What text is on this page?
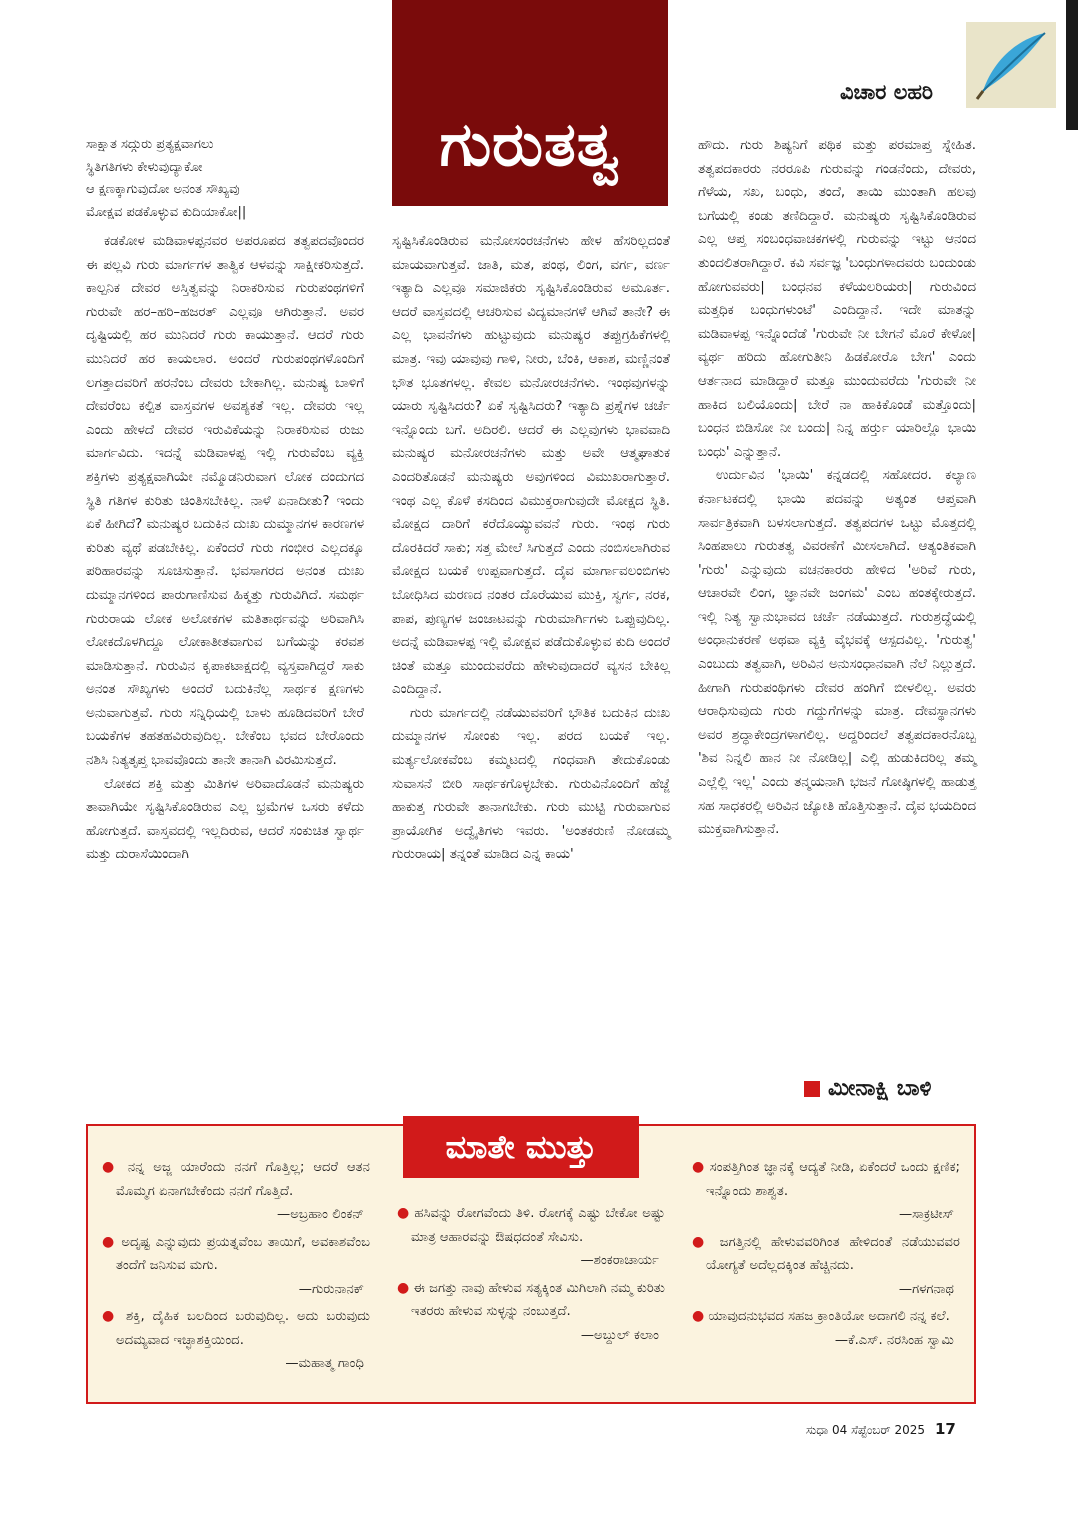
ಗುರುತತ್ವ
ವಿಚಾರ ಲಹರಿ
ಸಾಕ್ಷಾತ ಸದ್ಗುರು ಪ್ರತ್ಯಕ್ಷವಾಗಲು
ಸ್ಥಿತಿಗತಿಗಳು ಕೇಳುವುದ್ಯಾಕೋ
ಆ ಕ್ಷಣಕ್ಕಾಗುವುದೋ ಅನಂತ ಸೌಖ್ಯವು
ಮೋಕ್ಷವ ಪಡಕೊಳ್ಳುವ ಕುದಿಯಾಕೋ||

ಕಡಕೋಳ ಮಡಿವಾಳಪ್ಪನವರ ಅಪರೂಪದ ತತ್ವಪದವೊಂದರ ಈ ಪಲ್ಲವಿ ಗುರು ಮಾರ್ಗಗಳ ತಾತ್ವಿಕ ಆಳವನ್ನು ಸಾಕ್ಷೀಕರಿಸುತ್ತದೆ. ಕಾಲ್ಪನಿಕ ದೇವರ ಅಸ್ತಿತ್ವವನ್ನು ನಿರಾಕರಿಸುವ ಗುರುಪಂಥಗಳಿಗೆ ಗುರುವೇ ಹರ–ಹರಿ–ಹಜರತ್ ಎಲ್ಲವೂ ಆಗಿರುತ್ತಾನೆ. ಅವರ ದೃಷ್ಟಿಯಲ್ಲಿ ಹರ ಮುನಿದರೆ ಗುರು ಕಾಯುತ್ತಾನೆ. ಆದರೆ ಗುರು ಮುನಿದರೆ ಹರ ಕಾಯಲಾರ. ಅಂದರೆ ಗುರುಪಂಥಗಳೊಂದಿಗೆ ಲಗತ್ತಾದವರಿಗೆ ಹರನೆಂಬ ದೇವರು ಬೇಕಾಗಿಲ್ಲ. ಮನುಷ್ಯ ಬಾಳಿಗೆ ದೇವರೆಂಬ ಕಲ್ಪಿತ ವಾಸ್ತವಗಳ ಅವಶ್ಯಕತೆ ಇಲ್ಲ. ದೇವರು ಇಲ್ಲ ಎಂದು ಹೇಳದೆ ದೇವರ ಇರುವಿಕೆಯನ್ನು ನಿರಾಕರಿಸುವ ರುಜು ಮಾರ್ಗವಿದು. ಇದನ್ನೆ ಮಡಿವಾಳಪ್ಪ ಇಲ್ಲಿ ಗುರುವೆಂಬ ವ್ಯಕ್ತಿ ಶಕ್ತಿಗಳು ಪ್ರತ್ಯಕ್ಷವಾಗಿಯೇ ನಮ್ಮೊಡನಿರುವಾಗ ಲೋಕ ದಂದುಗದ ಸ್ಥಿತಿ ಗತಿಗಳ ಕುರಿತು ಚಿಂತಿಸಬೇಕಿಲ್ಲ. ನಾಳೆ ಏನಾದೀತು? ಇಂದು ಏಕೆ ಹೀಗಿದೆ? ಮನುಷ್ಯರ ಬದುಕಿನ ದುಃಖ ದುಮ್ಮಾನಗಳ ಕಾರಣಗಳ ಕುರಿತು ವ್ಯಥೆ ಪಡಬೇಕಿಲ್ಲ. ಏಕೆಂದರೆ ಗುರು ಗಂಭೀರ ಎಲ್ಲದಕ್ಕೂ ಪರಿಹಾರವನ್ನು ಸೂಚಿಸುತ್ತಾನೆ. ಭವಸಾಗರದ ಅನಂತ ದುಃಖ ದುಮ್ಮಾನಗಳಿಂದ ಪಾರುಗಾಣಿಸುವ ಹಿಕ್ಮತ್ತು ಗುರುವಿಗಿದೆ. ಸಮರ್ಥ ಗುರುರಾಯ ಲೋಕ ಅಲೋಕಗಳ ಮತಿತಾರ್ಥವನ್ನು ಅರಿವಾಗಿಸಿ ಲೋಕದೊಳಗಿದ್ದೂ ಲೋಕಾತೀತವಾಗುವ ಬಗೆಯನ್ನು ಕರವಶ ಮಾಡಿಸುತ್ತಾನೆ. ಗುರುವಿನ ಕೃಪಾಕಟಾಕ್ಷದಲ್ಲಿ ವ್ಯಸ್ತವಾಗಿದ್ದರೆ ಸಾಕು ಅನಂತ ಸೌಖ್ಯಗಳು ಅಂದರೆ ಬದುಕಿನೆಲ್ಲ ಸಾರ್ಥಕ ಕ್ಷಣಗಳು ಅನುವಾಗುತ್ತವೆ. ಗುರು ಸನ್ನಿಧಿಯಲ್ಲಿ ಬಾಳು ಹೂಡಿದವರಿಗೆ ಬೇರೆ ಬಯಕೆಗಳ ತಹತಹವಿರುವುದಿಲ್ಲ. ಬೇಕೆಂಬ ಭವದ ಬೇರೊಂದು ನಶಿಸಿ ನಿತ್ಯತೃಪ್ತ ಭಾವವೊಂದು ತಾನೇ ತಾನಾಗಿ ವಿರಮಿಸುತ್ತದೆ.

ಲೋಕದ ಶಕ್ತಿ ಮತ್ತು ಮಿತಿಗಳ ಅರಿವಾದೊಡನೆ ಮನುಷ್ಯರು ತಾವಾಗಿಯೇ ಸೃಷ್ಟಿಸಿಕೊಂಡಿರುವ ಎಲ್ಲ ಭ್ರಮೆಗಳ ಒಸರು ಕಳೆದು ಹೋಗುತ್ತದೆ. ವಾಸ್ತವದಲ್ಲಿ ಇಲ್ಲದಿರುವ, ಆದರೆ ಸಂಕುಚಿತ ಸ್ವಾರ್ಥ ಮತ್ತು ದುರಾಸೆಯಿಂದಾಗಿ

ಸೃಷ್ಟಿಸಿಕೊಂಡಿರುವ ಮನೋಸಂರಚನೆಗಳು ಹೇಳ ಹೆಸರಿಲ್ಲದಂತೆ ಮಾಯವಾಗುತ್ತವೆ. ಜಾತಿ, ಮತ, ಪಂಥ, ಲಿಂಗ, ವರ್ಗ, ವರ್ಣ ಇತ್ಯಾದಿ ಎಲ್ಲವೂ ಸಮಾಜಿಕರು ಸೃಷ್ಟಿಸಿಕೊಂಡಿರುವ ಅಮೂರ್ತ. ಆದರೆ ವಾಸ್ತವದಲ್ಲಿ ಆಚರಿಸುವ ವಿದ್ಯಮಾನಗಳೆ ಆಗಿವೆ ತಾನೇ? ಈ ಎಲ್ಲ ಭಾವನೆಗಳು ಹುಟ್ಟುವುದು ಮನುಷ್ಯರ ತಪ್ಪುಗ್ರಹಿಕೆಗಳಲ್ಲಿ ಮಾತ್ರ. ಇವು ಯಾವುವು ಗಾಳಿ, ನೀರು, ಬೆಂಕಿ, ಆಕಾಶ, ಮಣ್ಣಿನಂತೆ ಭೌತ ಭೂತಗಳಲ್ಲ. ಕೇವಲ ಮನೋರಚನೆಗಳು. ಇಂಥವುಗಳನ್ನು ಯಾರು ಸೃಷ್ಟಿಸಿದರು? ಏಕೆ ಸೃಷ್ಟಿಸಿದರು? ಇತ್ಯಾದಿ ಪ್ರಶ್ನೆಗಳ ಚರ್ಚೆ ಇನ್ನೊಂದು ಬಗೆ. ಅದಿರಲಿ. ಆದರೆ ಈ ಎಲ್ಲವುಗಳು ಭಾವವಾದಿ ಮನುಷ್ಯರ ಮನೋರಚನೆಗಳು ಮತ್ತು ಅವೇ ಆತ್ಮಘಾತುಕ ಎಂದರಿತೊಡನೆ ಮನುಷ್ಯರು ಅವುಗಳಿಂದ ವಿಮುಖರಾಗುತ್ತಾರೆ. ಇಂಥ ಎಲ್ಲ ಕೊಳೆ ಕಸದಿಂದ ವಿಮುಕ್ತರಾಗುವುದೇ ಮೋಕ್ಷದ ಸ್ಥಿತಿ. ಮೋಕ್ಷದ ದಾರಿಗೆ ಕರೆದೊಯ್ಯುವವನೆ ಗುರು. ಇಂಥ ಗುರು ದೊರಕಿದರೆ ಸಾಕು; ಸತ್ತ ಮೇಲೆ ಸಿಗುತ್ತದೆ ಎಂದು ನಂಬಿಸಲಾಗಿರುವ ಮೋಕ್ಷದ ಬಯಕೆ ಉಪ್ಪವಾಗುತ್ತದೆ. ದೈವ ಮಾರ್ಗಾವಲಂಬಿಗಳು ಬೋಧಿಸಿದ ಮರಣದ ನಂತರ ದೊರೆಯುವ ಮುಕ್ತಿ, ಸ್ವರ್ಗ, ನರಕ, ಪಾಪ, ಪುಣ್ಯಗಳ ಜಂಜಾಟವನ್ನು ಗುರುಮಾರ್ಗಿಗಳು ಒಪ್ಪುವುದಿಲ್ಲ. ಅದನ್ನೆ ಮಡಿವಾಳಪ್ಪ ಇಲ್ಲಿ ಮೋಕ್ಷವ ಪಡೆದುಕೊಳ್ಳುವ ಕುದಿ ಅಂದರೆ ಚಿಂತೆ ಮತ್ತೂ ಮುಂದುವರೆದು ಹೇಳುವುದಾದರೆ ವ್ಯಸನ ಬೇಕಿಲ್ಲ ಎಂದಿದ್ದಾನೆ.

ಗುರು ಮಾರ್ಗದಲ್ಲಿ ನಡೆಯುವವರಿಗೆ ಭೌತಿಕ ಬದುಕಿನ ದುಃಖ ದುಮ್ಮಾನಗಳ ಸೋಂಕು ಇಲ್ಲ. ಪರದ ಬಯಕೆ ಇಲ್ಲ. ಮರ್ತ್ಯಲೋಕವೆಂಬ ಕಮ್ಮಟದಲ್ಲಿ ಗಂಧವಾಗಿ ತೇದುಕೊಂಡು ಸುವಾಸನೆ ಬೀರಿ ಸಾರ್ಥಕಗೊಳ್ಳಬೇಕು. ಗುರುವಿನೊಂದಿಗೆ ಹೆಜ್ಜೆ ಹಾಕುತ್ತ ಗುರುವೇ ತಾನಾಗಬೇಕು. ಗುರು ಮುಟ್ಟಿ ಗುರುವಾಗುವ ಪ್ರಾಯೋಗಿಕ ಅದ್ವೈತಿಗಳು ಇವರು. 'ಅಂತಕರುಣಿ ನೋಡಮ್ಮ ಗುರುರಾಯ| ತನ್ನಂತೆ ಮಾಡಿದ ಎನ್ನ ಕಾಯ'

ಹೌದು. ಗುರು ಶಿಷ್ಯನಿಗೆ ಪಥಿಕ ಮತ್ತು ಪರಮಾಪ್ತ ಸ್ನೇಹಿತ. ತತ್ವಪದಕಾರರು ನರರೂಪಿ ಗುರುವನ್ನು ಗಂಡನೆಂದು, ದೇವರು, ಗೆಳೆಯ, ಸಖ, ಬಂಧು, ತಂದೆ, ತಾಯಿ ಮುಂತಾಗಿ ಹಲವು ಬಗೆಯಲ್ಲಿ ಕಂಡು ತಣಿದಿದ್ದಾರೆ. ಮನುಷ್ಯರು ಸೃಷ್ಟಿಸಿಕೊಂಡಿರುವ ಎಲ್ಲ ಆಪ್ತ ಸಂಬಂಧವಾಚಕಗಳಲ್ಲಿ ಗುರುವನ್ನು ಇಟ್ಟು ಆನಂದ ತುಂದಲಿತರಾಗಿದ್ದಾರೆ. ಕವಿ ಸರ್ವಜ್ಞ 'ಬಂಧುಗಳಾದವರು ಬಂದುಂಡು ಹೋಗುವವರು| ಬಂಧನವ ಕಳೆಯಲರಿಯರು| ಗುರುವಿಂದ ಮತ್ತಧಿಕ ಬಂಧುಗಳುಂಟೆ' ಎಂದಿದ್ದಾನೆ. ಇದೇ ಮಾತನ್ನು ಮಡಿವಾಳಪ್ಪ ಇನ್ನೊಂದೆಡೆ 'ಗುರುವೇ ನೀ ಬೇಗನೆ ಮೊರೆ ಕೇಳೋ| ವ್ಯರ್ಥ ಹರಿದು ಹೋಗುತೀನಿ ಹಿಡಕೋರೊ ಬೇಗ' ಎಂದು ಆರ್ತನಾದ ಮಾಡಿದ್ದಾರೆ ಮತ್ತೂ ಮುಂದುವರೆದು 'ಗುರುವೇ ನೀ ಹಾಕಿದ ಬಲಿಯೊಂದು| ಬೇರೆ ನಾ ಹಾಕಿಕೊಂಡೆ ಮತ್ತೊಂದು| ಬಂಧನ ಬಿಡಿಸೋ ನೀ ಬಂದು| ನಿನ್ನ ಹರ್ರ್ತು ಯಾರಿಲ್ಲೊ ಭಾಯಿ ಬಂಧು' ಎನ್ನುತ್ತಾನೆ.

ಉರ್ದುವಿನ 'ಭಾಯಿ' ಕನ್ನಡದಲ್ಲಿ ಸಹೋದರ. ಕಲ್ಯಾಣ ಕರ್ನಾಟಕದಲ್ಲಿ ಭಾಯಿ ಪದವನ್ನು ಅತ್ಯಂತ ಆಪ್ತವಾಗಿ ಸಾರ್ವತ್ರಿಕವಾಗಿ ಬಳಸಲಾಗುತ್ತದೆ. ತತ್ವಪದಗಳ ಒಟ್ಟು ಮೊತ್ತದಲ್ಲಿ ಸಿಂಹಪಾಲು ಗುರುತತ್ವ ವಿವರಣೆಗೆ ಮೀಸಲಾಗಿದೆ. ಆತ್ಯಂತಿಕವಾಗಿ 'ಗುರು' ಎನ್ನುವುದು ವಚನಕಾರರು ಹೇಳಿದ 'ಅರಿವೆ ಗುರು, ಆಚಾರವೇ ಲಿಂಗ, ಜ್ಞಾನವೇ ಜಂಗಮ' ಎಂಬ ಹಂತಕ್ಕೇರುತ್ತದೆ. ಇಲ್ಲಿ ನಿತ್ಯ ಸ್ವಾನುಭಾವದ ಚರ್ಚೆ ನಡೆಯುತ್ತದೆ. ಗುರುಶ್ರದ್ಧೆಯಲ್ಲಿ ಅಂಧಾನುಕರಣೆ ಅಥವಾ ವ್ಯಕ್ತಿ ವೈಭವಕ್ಕೆ ಆಸ್ಪದವಿಲ್ಲ. 'ಗುರುತ್ವ' ಎಂಬುದು ತತ್ವವಾಗಿ, ಅರಿವಿನ ಅನುಸಂಧಾನವಾಗಿ ನೆಲೆ ನಿಲ್ಲುತ್ತದೆ. ಹೀಗಾಗಿ ಗುರುಪಂಥಿಗಳು ದೇವರ ಹಂಗಿಗೆ ಬೀಳಲಿಲ್ಲ. ಅವರು ಆರಾಧಿಸುವುದು ಗುರು ಗದ್ದುಗೆಗಳನ್ನು ಮಾತ್ರ. ದೇವಸ್ಥಾನಗಳು ಅವರ ಶ್ರದ್ಧಾಕೇಂದ್ರಗಳಾಗಲಿಲ್ಲ. ಅದ್ದರಿಂದಲೆ ತತ್ವಪದಕಾರನೊಬ್ಬ 'ಶಿವ ನಿನ್ನಲಿ ಹಾನ ನೀ ನೋಡಿಲ್ಲ| ಎಲ್ಲಿ ಹುಡುಕಿದರಿಲ್ಲ ತಮ್ಮ ಎಲ್ಲೆಲ್ಲಿ ಇಲ್ಲ' ಎಂದು ತನ್ಮಯನಾಗಿ ಭಜನೆ ಗೋಷ್ಠಿಗಳಲ್ಲಿ ಹಾಡುತ್ತ ಸಹ ಸಾಧಕರಲ್ಲಿ ಅರಿವಿನ ಜ್ಯೋತಿ ಹೊತ್ತಿಸುತ್ತಾನೆ. ದೈವ ಭಯದಿಂದ ಮುಕ್ತವಾಗಿಸುತ್ತಾನೆ.

ಮೀನಾಕ್ಷಿ ಬಾಳಿ
ಮಾತೇ ಮುತ್ತು
● ನನ್ನ ಅಜ್ಜ ಯಾರೆಂದು ನನಗೆ ಗೊತ್ತಿಲ್ಲ; ಆದರೆ ಆತನ ಮೊಮ್ಮಗ ಏನಾಗಬೇಕೆಂದು ನನಗೆ ಗೊತ್ತಿದೆ.
—ಅಬ್ರಹಾಂ ಲಿಂಕನ್
● ಅದೃಷ್ಟ ಎನ್ನುವುದು ಪ್ರಯತ್ನವೆಂಬ ತಾಯಿಗೆ, ಅವಕಾಶವೆಂಬ ತಂದೆಗೆ ಜನಿಸುವ ಮಗು.
—ಗುರುನಾನಕ್
● ಶಕ್ತಿ, ದೈಹಿಕ ಬಲದಿಂದ ಬರುವುದಿಲ್ಲ. ಅದು ಬರುವುದು ಅದಮ್ಯವಾದ ಇಚ್ಛಾಶಕ್ತಿಯಿಂದ.
—ಮಹಾತ್ಮ ಗಾಂಧಿ
● ಹಸಿವನ್ನು ರೋಗವೆಂದು ತಿಳಿ. ರೋಗಕ್ಕೆ ಎಷ್ಟು ಬೇಕೋ ಅಷ್ಟು ಮಾತ್ರ ಆಹಾರವನ್ನು ಔಷಧದಂತೆ ಸೇವಿಸು.
—ಶಂಕರಾಚಾರ್ಯ
● ಈ ಜಗತ್ತು ನಾವು ಹೇಳುವ ಸತ್ಯಕ್ಕಿಂತ ಮಿಗಿಲಾಗಿ ನಮ್ಮ ಕುರಿತು ಇತರರು ಹೇಳುವ ಸುಳ್ಳನ್ನು ನಂಬುತ್ತದೆ.
—ಅಬ್ದುಲ್ ಕಲಾಂ
● ಸಂಪತ್ತಿಗಿಂತ ಜ್ಞಾನಕ್ಕೆ ಆದ್ಯತೆ ನೀಡಿ, ಏಕೆಂದರೆ ಒಂದು ಕ್ಷಣಿಕ; ಇನ್ನೊಂದು ಶಾಶ್ವತ.
—ಸಾಕ್ರಟೀಸ್
● ಜಗತ್ತಿನಲ್ಲಿ ಹೇಳುವವರಿಗಿಂತ ಹೇಳಿದಂತೆ ನಡೆಯುವವರ ಯೋಗ್ಯತೆ ಅದೆಲ್ಲದಕ್ಕಿಂತ ಹೆಚ್ಚಿನದು.
—ಗಳಗನಾಥ
● ಯಾವುದನುಭವದ ಸಹಜ ಕ್ರಾಂತಿಯೋ ಅದಾಗಲಿ ನನ್ನ ಕಲೆ.
—ಕೆ.ಎಸ್. ನರಸಿಂಹ ಸ್ವಾಮಿ
ಸುಧಾ 04 ಸೆಪ್ಟೆಂಬರ್ 2025 17
